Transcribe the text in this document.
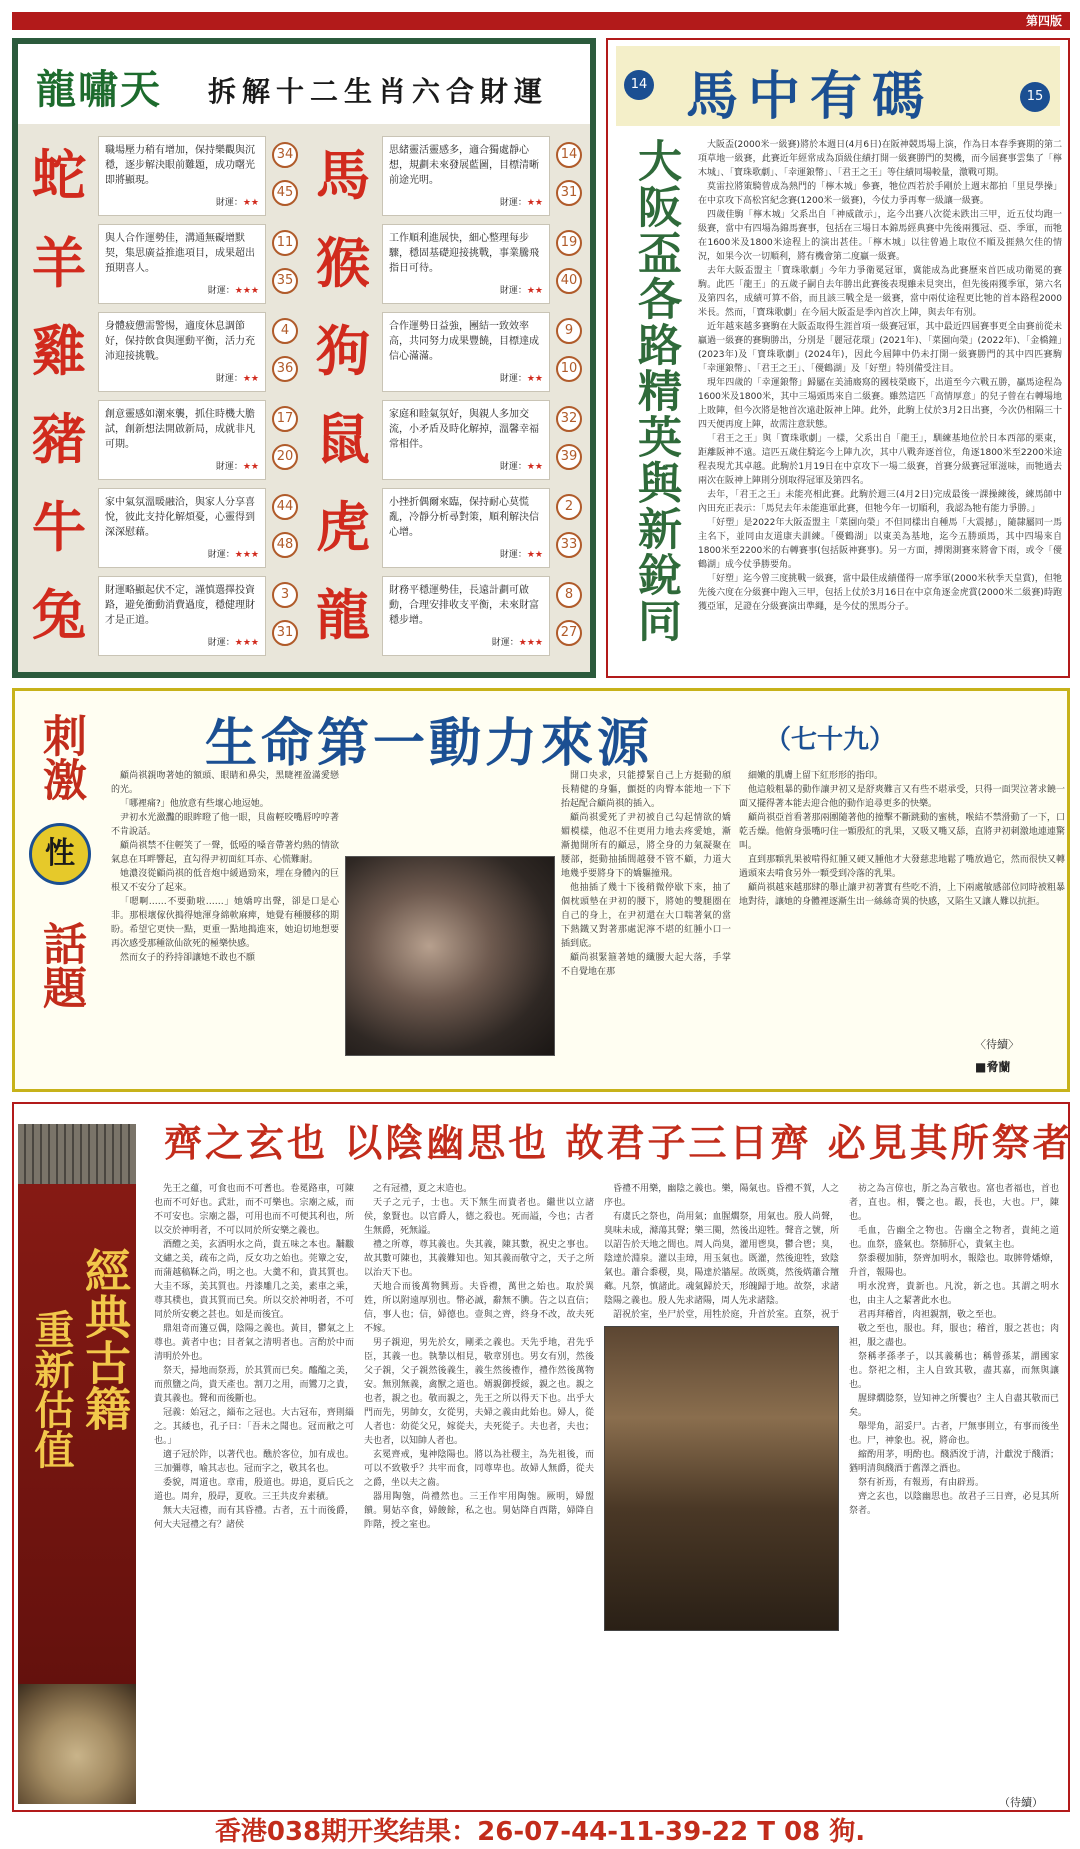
第四版
龍嘯天 拆解十二生肖六合財運
蛇	職場壓力稍有增加，保持樂觀與沉穩，逐步解決眼前難題，成功曙光即將顯現。
財運：★★
34
45
羊	與人合作運勢佳，溝通無礙增默契，集思廣益推進項目，成果超出預期喜人。
財運：★★★
11
35
雞	身體疲憊需警惕，適度休息調節好，保持飲食與運動平衡，活力充沛迎接挑戰。
財運：★★
4
36
豬	創意靈感如潮來襲，抓住時機大膽試，創新想法開啟新局，成就非凡可期。
財運：★★
17
20
牛	家中氣氛溫暖融洽，與家人分享喜悅，彼此支持化解煩憂，心靈得到深深慰藉。
財運：★★★
44
48
兔	財運略顯起伏不定，謹慎選擇投資路，避免衝動消費過度，穩健理財才是正道。
財運：★★★
3
31
馬	思緒靈活靈感多，適合獨處靜心想，規劃未來發展藍圖，目標清晰前途光明。
財運：★★
14
31
猴	工作順利進展快，細心整理每步驟，穩固基礎迎接挑戰，事業騰飛指日可待。
財運：★★
19
40
狗	合作運勢日益強，團結一致效率高，共同努力成果豐饒，目標達成信心滿滿。
財運：★★
9
10
鼠	家庭和睦氣氛好，與親人多加交流，小矛盾及時化解掉，溫馨幸福常相伴。
財運：★★
32
39
虎	小挫折偶爾來臨，保持耐心莫慌亂，冷靜分析尋對策，順利解決信心增。
財運：★★
2
33
龍	財務平穩運勢佳，長遠計劃可啟動，合理安排收支平衡，未來財富穩步增。
財運：★★★
8
27
14 馬中有碼	15
大阪盃各路精英與新銳同

大阪盃(2000米一級賽)將於本週日(4月6日)在阪神競馬場上演，作為日本春季賽期的第二項草地一級賽，此賽近年經常成為頂級住績打開一級賽勝門的契機，而今屆賽事雲集了「檸木城」、「寶珠歌劇」、「幸運鋃幣」、「君王之王」等住績同場較量，激戰可期。

莫雷拉將策騎曾成為熱門的「檸木城」參賽，牠位西若於手剛於上週末都拍「里見學操」在中京攻下高松宮紀念賽(1200米一級賽)，今仗力爭再奪一級讓一級賽。

四歲佳駒「檸木城」父系出自「神威啟示」，迄今出賽八次從未跌出三甲，近五仗均跑一級賽，當中有四場為錦馬賽事，包括在三場日本錦馬經典賽中先後兩獲冠、亞、季軍，而牠在1600米及1800米途程上的演出甚佳。「檸木城」以往曾過上取位不順及捱熱欠佳的情況，如果今次一切順利，將有機會第二度贏一級賽。

去年大阪盃盟主「寶珠歌劇」今年力爭衛冕冠軍，冀能成為此賽歷來首匹成功衛冕的賽駒。此匹「龍王」的五歲子嗣自去年勝出此賽後表現雖未見突出，但先後兩獲季軍，第六名及第四名，成績可算不俗，而且該三戰全是一級賽，當中兩仗途程更比牠的首本路程2000米長。然而，「寶珠歌劇」在今屆大阪盃是季內首次上陣，與去年有別。

近年越來越多賽駒在大阪盃取得生涯首項一級賽冠軍，其中最近四屆賽事更全由賽前從未贏過一級賽的賽駒勝出，分別是「麗冠花環」(2021年)、「菜園向榮」(2022年)、「金橋鐘」(2023年)及「寶珠歌劇」(2024年)，因此今屆陣中仍未打開一級賽勝門的其中四匹賽駒「幸運鋃幣」、「君王之王」、「優鶴湖」及「好塑」特別備受注目。

現年四歲的「幸運鋃幣」歸屬在美浦廄寫的國枝榮廄下，出道至今六戰五勝，贏馬途程為1600米及1800米，其中三場頭馬來自二級賽。雖然這匹「高情厚意」的兒子曾在右轉場地上敗陣，但今次將是牠首次遠赴阪神上陣。此外，此駒上仗於3月2日出賽，今次仍相隔三十四天便再度上陣，故需注意狀態。

「君王之王」與「寶珠歌劇」一樣，父系出自「龍王」，馴練基地位於日本西部的栗東，距離阪神不遠。這匹五歲住騎迄今上陣九次，其中八戰奔逐首位，角逐1800米至2200米途程表現尤其卓越。此駒於1月19日在中京攻下一場二級賽，首賽分級賽冠軍滋味，而牠過去兩次在阪神上陣則分別取得冠軍及第四名。

去年，「君王之王」未能亮相此賽。此駒於週三(4月2日)完成最後一課操練後，練馬師中內田充正表示：「馬兒去年未能進軍此賽，但牠今年一切順利，我認為牠有能力爭勝。」

「好塑」是2022年大阪盃盟主「菜園向榮」不但同樣出自種馬「大震撼」，隨隸屬同一馬主名下，並同由友道康夫訓練。「優鶴湖」以東美為基地，迄今五勝頭馬，其中四場來自1800米至2200米的右轉賽事(包括阪神賽事)。另一方面，搏閑測賽來將會下雨，或令「優鶴湖」成今仗爭勝要角。

「好塑」迄今曾三度挑戰一級賽，當中最佳成績僅得一席季軍(2000米秋季天皇賞)，但牠先後六度在分級賽中跑入三甲，包括上仗於3月16日在中京角逐金虎賞(2000米二級賽)時跑獲亞軍，足證在分級賽演出準繩，是今仗的黑馬分子。

刺激
性
話題
生命第一動力來源	（七十九）

顧尚祺親吻著她的額頭、眼睛和鼻尖，黑睫裡盈滿愛戀的光。

「哪裡痛?」他放意有些壞心地逗她。

尹初水光瀲灩的眼眸瞪了他一眼，貝齒輕咬嘴唇哼哼著不肯說話。

顧尚祺禁不住輕笑了一聲，低啞的嗓音帶著灼熱的情欲氣息在耳畔響起，直勾得尹初面紅耳赤、心慌難耐。

她濃沒從顧尚祺的低音炮中緩過勁來，埋在身體內的巨根又不安分了起來。

「嗯啊……不要動啦……」她嬌哼出聲，卻是口是心非。那根壞傢伙搗得她渾身綿軟麻痺，她覺有種腰移的期盼。希望它更快一點，更重一點地搗進來，她迫切地想要再次感受那種欲仙欲死的極樂快感。

然而女子的矜持卻讓她不敢也不願

開口央求，只能撐緊自己上方挺動的頎長精健的身軀，顫挺的肉臀本能地一下下抬起配合顧尚祺的插入。

顧尚祺愛死了尹初被自己勾起情欲的嬌媚模樣，他忍不住更用力地去疼愛她，漸漸拋開所有的顧忌，將全身的力氣凝聚在腰部，挺動抽插間越發不管不顧，力道大地幾乎要將身下的嬌軀撞飛。

他抽插了幾十下後稍微停歇下來，抽了個枕頭墊在尹初的腰下，將她的雙腿圈在自己的身上，在尹初還在大口喘著氣的當下熱鐵又對著那處泥濘不堪的紅腫小口一插到底。

顧尚祺緊箍著她的纖腰大起大落，手掌不自覺地在那

細嫩的肌膚上留下紅形形的指印。

他這般粗暴的動作讓尹初又是舒爽難言又有些不堪承受，只得一面哭泣著求饒一面又擺得著本能去迎合他的動作追尋更多的快樂。

顧尚祺亞首看著那兩團隨著他的撞擊不斷跳動的蜜桃，喉結不禁滑動了一下，口乾舌燥。他俯身張嘴叼住一顆殷紅的乳果，又吸又嘴又舔，直將尹初刺激地連連驚叫。

直到那顆乳果被啃得紅腫又硬又腫他才大發慈悲地鬆了嘴放過它，然而很快又轉過頭來去啃食另外一顆受到冷落的乳果。

顧尚祺越來越那肆的舉止讓尹初著實有些吃不消，上下兩處敏感部位同時被粗暴地對待，讓她的身體裡逐漸生出一絲絲奇異的快感，又陷生又讓人難以抗拒。

〈待續〉
■脅蘭
經典古籍
重新估值
齊之玄也 以陰幽思也 故君子三日齊 必見其所祭者

先王之蘊，可食也而不可耆也。卷冕路車，可陳也而不可好也。武壯，而不可樂也。宗廟之威，而不可安也。宗廟之器，可用也而不可便其利也，所以交於神明者，不可以同於所安樂之義也。

酒醴之美，玄酒明水之尚，貴五味之本也。黼黻文繡之美，疏布之尚，反女功之始也。莞簟之安，而蒲越稿鞂之尚，明之也。大羹不和，貴其質也。大圭不琢，美其質也。丹漆雕几之美，素車之乘，尊其樸也，貴其質而已矣。所以交於神明者，不可同於所安褻之甚也。如是而後宜。

鼎俎奇而籩豆偶，陰陽之義也。黃目，鬱氣之上尊也。黃者中也；目者氣之清明者也。言酌於中而清明於外也。

祭天，掃地而祭焉，於其質而已矣。醯醢之美，而煎鹽之尚，貴天產也。割刀之用，而鸞刀之貴，貴其義也。聲和而後斷也。

冠義：始冠之，緇布之冠也。大古冠布，齊則緇之。其緌也，孔子曰：「吾未之聞也。冠而敝之可也。」

適子冠於阼，以著代也。醮於客位，加有成也。三加彌尊，喻其志也。冠而字之，敬其名也。

委貌，周道也。章甫，殷道也。毋追，夏后氏之道也。周弁，殷冔，夏收。三王共皮弁素積。

無大夫冠禮，而有其昏禮。古者，五十而後爵，何大夫冠禮之有？諸侯

之有冠禮，夏之末造也。

天子之元子，士也。天下無生而貴者也。繼世以立諸侯，象賢也。以官爵人，德之殺也。死而謚，今也；古者生無爵，死無謚。

禮之所尊，尊其義也。失其義，陳其數，祝史之事也。故其數可陳也，其義難知也。知其義而敬守之，天子之所以治天下也。

天地合而後萬物興焉。夫昏禮，萬世之始也。取於異姓，所以附遠厚別也。幣必誠，辭無不腆。告之以直信；信，事人也；信，婦德也。壹與之齊，終身不改，故夫死不嫁。

男子親迎，男先於女，剛柔之義也。天先乎地，君先乎臣，其義一也。執摯以相見，敬章別也。男女有別，然後父子親，父子親然後義生，義生然後禮作，禮作然後萬物安。無別無義，禽獸之道也。婿親御授綏，親之也。親之也者，親之也。敬而親之，先王之所以得天下也。出乎大門而先，男帥女，女從男，夫婦之義由此始也。婦人，從人者也：幼從父兄，嫁從夫，夫死從子。夫也者，夫也；夫也者，以知帥人者也。

玄冕齊戒，鬼神陰陽也。將以為社稷主，為先祖後，而可以不致敬乎？共牢而食，同尊卑也。故婦人無爵，從夫之爵，坐以夫之齒。

器用陶匏，尚禮然也。三王作牢用陶匏。厥明，婦盥饋。舅姑卒食，婦餕餘，私之也。舅姑降自西階，婦降自阼階，授之室也。

昏禮不用樂，幽陰之義也。樂，陽氣也。昏禮不賀，人之序也。

有虞氏之祭也，尚用氣；血腥爓祭，用氣也。殷人尚聲，臭味未成，滌蕩其聲；樂三闋，然後出迎牲。聲音之號，所以詔告於天地之間也。周人尚臭，灌用鬯臭，鬱合鬯；臭，陰達於淵泉。灌以圭璋，用玉氣也。既灌，然後迎牲，致陰氣也。蕭合黍稷，臭，陽達於牆屋。故既奠，然後焫蕭合羶薌。凡祭，慎諸此。魂氣歸於天，形魄歸于地。故祭，求諸陰陽之義也。殷人先求諸陽，周人先求諸陰。

詔祝於室，坐尸於堂，用牲於庭，升首於室。直祭，祝于

祊之為言倞也，肵之為言敬也。富也者福也，首也者，直也。相，饗之也。嘏，長也，大也。尸，陳也。

毛血，告幽全之物也。告幽全之物者，貴純之道也。血祭，盛氣也。祭肺肝心，貴氣主也。

祭黍稷加肺，祭齊加明水，報陰也。取膟膋燔燎，升首，報陽也。

明水涗齊，貴新也。凡涗，新之也。其謂之明水也，由主人之絜著此水也。

君再拜稽首，肉袒親割，敬之至也。

敬之至也，服也。拜，服也；稽首，服之甚也；肉袒，服之盡也。

祭稱孝孫孝子，以其義稱也；稱曾孫某，謂國家也。祭祀之相，主人自致其敬，盡其嘉，而無與讓也。

腥肆爓腍祭，豈知神之所饗也？主人自盡其敬而已矣。

舉斝角，詔妥尸。古者，尸無事則立，有事而後坐也。尸，神象也。祝，將命也。

縮酌用茅，明酌也。醆酒涗于清，汁獻涗于醆酒；猶明清與醆酒于舊澤之酒也。

祭有祈焉，有報焉，有由辟焉。

齊之玄也，以陰幽思也。故君子三日齊，必見其所祭者。

（待續）
香港038期开奖结果：26-07-44-11-39-22 T 08 狗.
